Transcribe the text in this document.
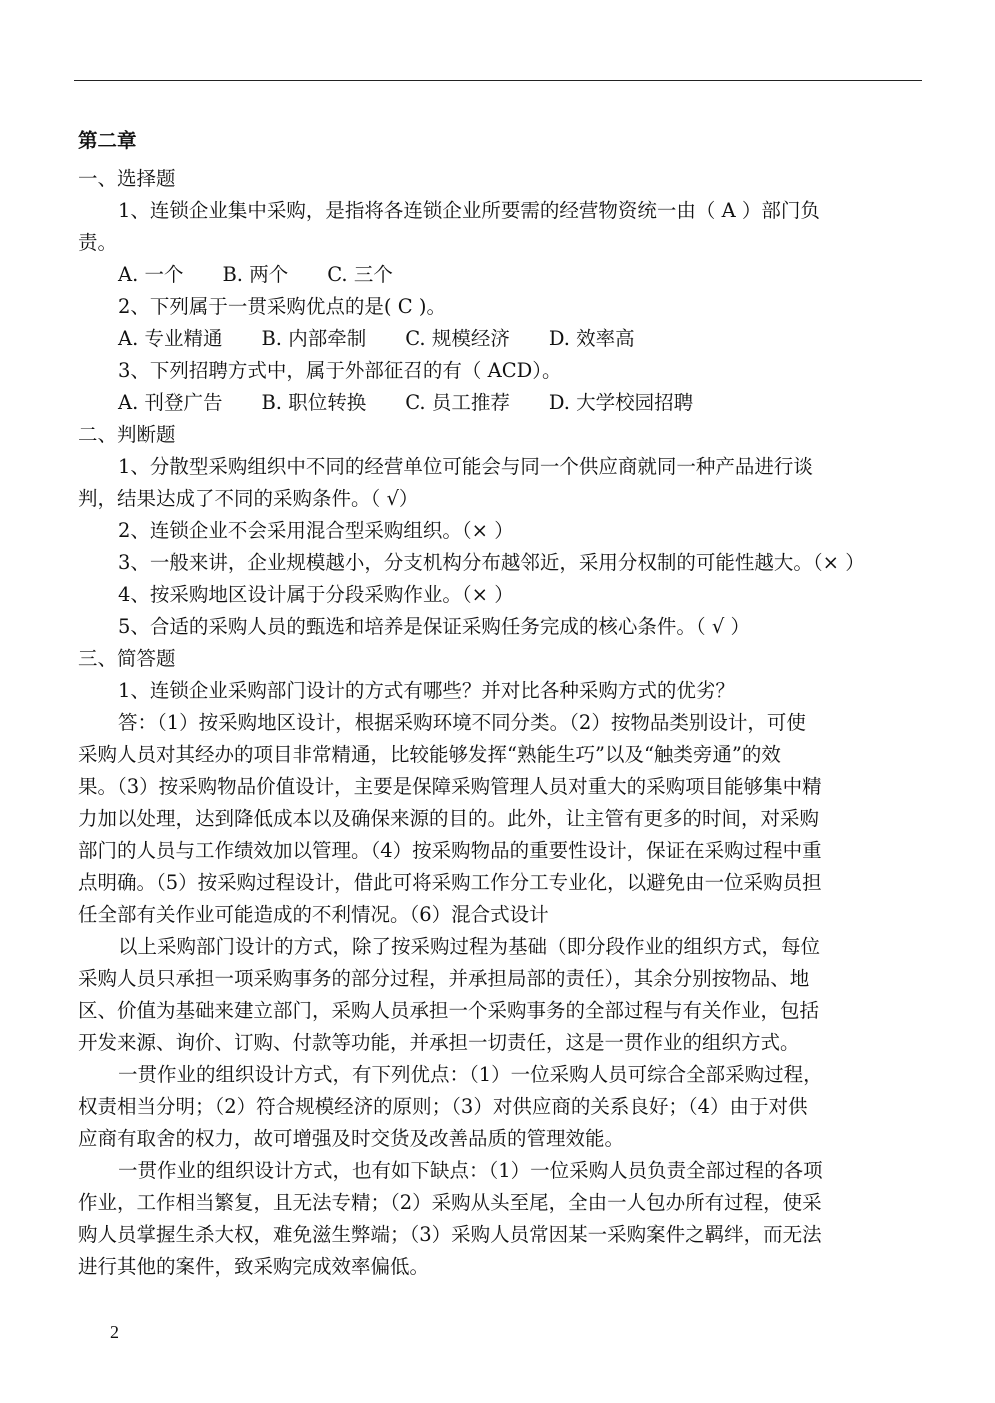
第二章

一、选择题

1、连锁企业集中采购，是指将各连锁企业所要需的经营物资统一由（ A ）部门负

责。

A. 一个　　B. 两个　　C. 三个

2、下列属于一贯采购优点的是( C )。

A. 专业精通　　B. 内部牵制　　C. 规模经济　　D. 效率高

3、下列招聘方式中，属于外部征召的有（ ACD）。

A. 刊登广告　　B. 职位转换　　C. 员工推荐　　D. 大学校园招聘

二、判断题

1、分散型采购组织中不同的经营单位可能会与同一个供应商就同一种产品进行谈

判，结果达成了不同的采购条件。（ √）

2、连锁企业不会采用混合型采购组织。（× ）

3、一般来讲，企业规模越小，分支机构分布越邻近，采用分权制的可能性越大。（× ）

4、按采购地区设计属于分段采购作业。（× ）

5、合适的采购人员的甄选和培养是保证采购任务完成的核心条件。（ √ ）

三、简答题

1、连锁企业采购部门设计的方式有哪些？并对比各种采购方式的优劣？

答：（1）按采购地区设计，根据采购环境不同分类。（2）按物品类别设计，可使

采购人员对其经办的项目非常精通，比较能够发挥“熟能生巧”以及“触类旁通”的效

果。（3）按采购物品价值设计，主要是保障采购管理人员对重大的采购项目能够集中精

力加以处理，达到降低成本以及确保来源的目的。此外，让主管有更多的时间，对采购

部门的人员与工作绩效加以管理。（4）按采购物品的重要性设计，保证在采购过程中重

点明确。（5）按采购过程设计，借此可将采购工作分工专业化，以避免由一位采购员担

任全部有关作业可能造成的不利情况。（6）混合式设计

以上采购部门设计的方式，除了按采购过程为基础（即分段作业的组织方式，每位

采购人员只承担一项采购事务的部分过程，并承担局部的责任），其余分别按物品、地

区、价值为基础来建立部门，采购人员承担一个采购事务的全部过程与有关作业，包括

开发来源、询价、订购、付款等功能，并承担一切责任，这是一贯作业的组织方式。

一贯作业的组织设计方式，有下列优点：（1）一位采购人员可综合全部采购过程，

权责相当分明；（2）符合规模经济的原则；（3）对供应商的关系良好；（4）由于对供

应商有取舍的权力，故可增强及时交货及改善品质的管理效能。

一贯作业的组织设计方式，也有如下缺点：（1）一位采购人员负责全部过程的各项

作业，工作相当繁复，且无法专精；（2）采购从头至尾，全由一人包办所有过程，使采

购人员掌握生杀大权，难免滋生弊端；（3）采购人员常因某一采购案件之羁绊，而无法

进行其他的案件，致采购完成效率偏低。

2
